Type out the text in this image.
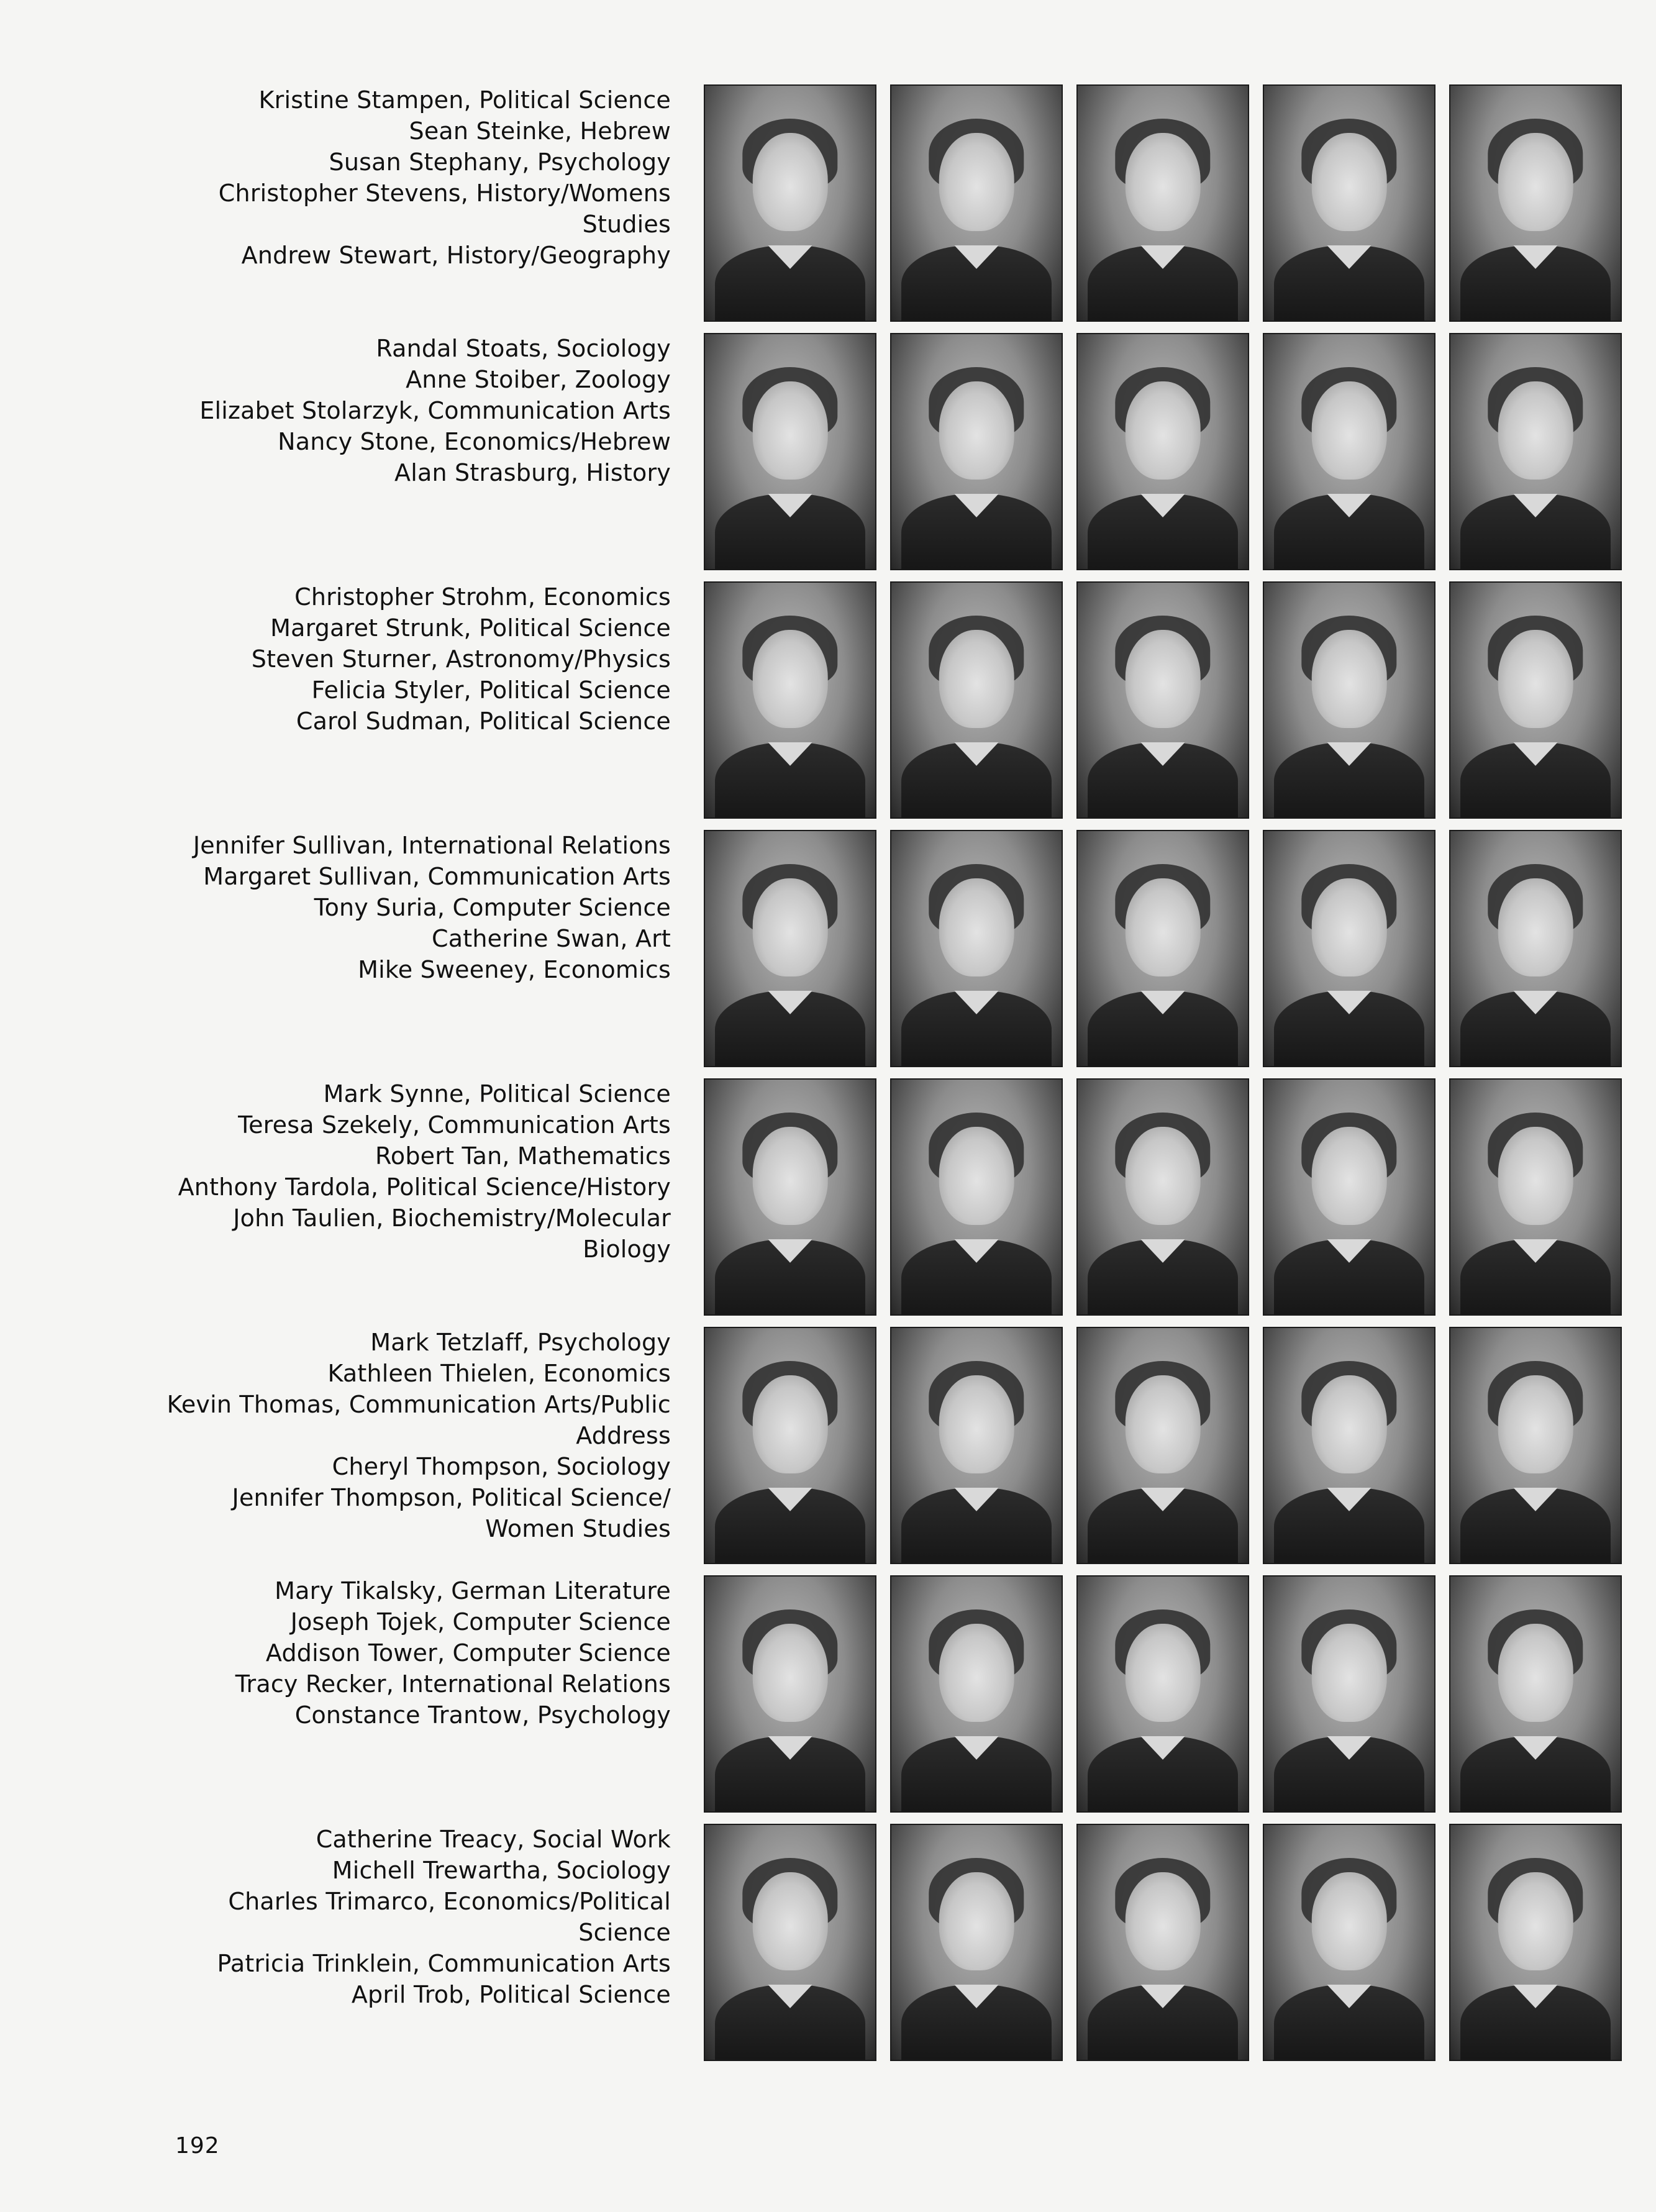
Kristine Stampen, Political Science
Sean Steinke, Hebrew
Susan Stephany, Psychology
Christopher Stevens, History/Womens
Studies
Andrew Stewart, History/Geography
Randal Stoats, Sociology
Anne Stoiber, Zoology
Elizabet Stolarzyk, Communication Arts
Nancy Stone, Economics/Hebrew
Alan Strasburg, History
Christopher Strohm, Economics
Margaret Strunk, Political Science
Steven Sturner, Astronomy/Physics
Felicia Styler, Political Science
Carol Sudman, Political Science
Jennifer Sullivan, International Relations
Margaret Sullivan, Communication Arts
Tony Suria, Computer Science
Catherine Swan, Art
Mike Sweeney, Economics
Mark Synne, Political Science
Teresa Szekely, Communication Arts
Robert Tan, Mathematics
Anthony Tardola, Political Science/History
John Taulien, Biochemistry/Molecular
Biology
Mark Tetzlaff, Psychology
Kathleen Thielen, Economics
Kevin Thomas, Communication Arts/Public
Address
Cheryl Thompson, Sociology
Jennifer Thompson, Political Science/
Women Studies
Mary Tikalsky, German Literature
Joseph Tojek, Computer Science
Addison Tower, Computer Science
Tracy Recker, International Relations
Constance Trantow, Psychology
Catherine Treacy, Social Work
Michell Trewartha, Sociology
Charles Trimarco, Economics/Political
Science
Patricia Trinklein, Communication Arts
April Trob, Political Science
192
